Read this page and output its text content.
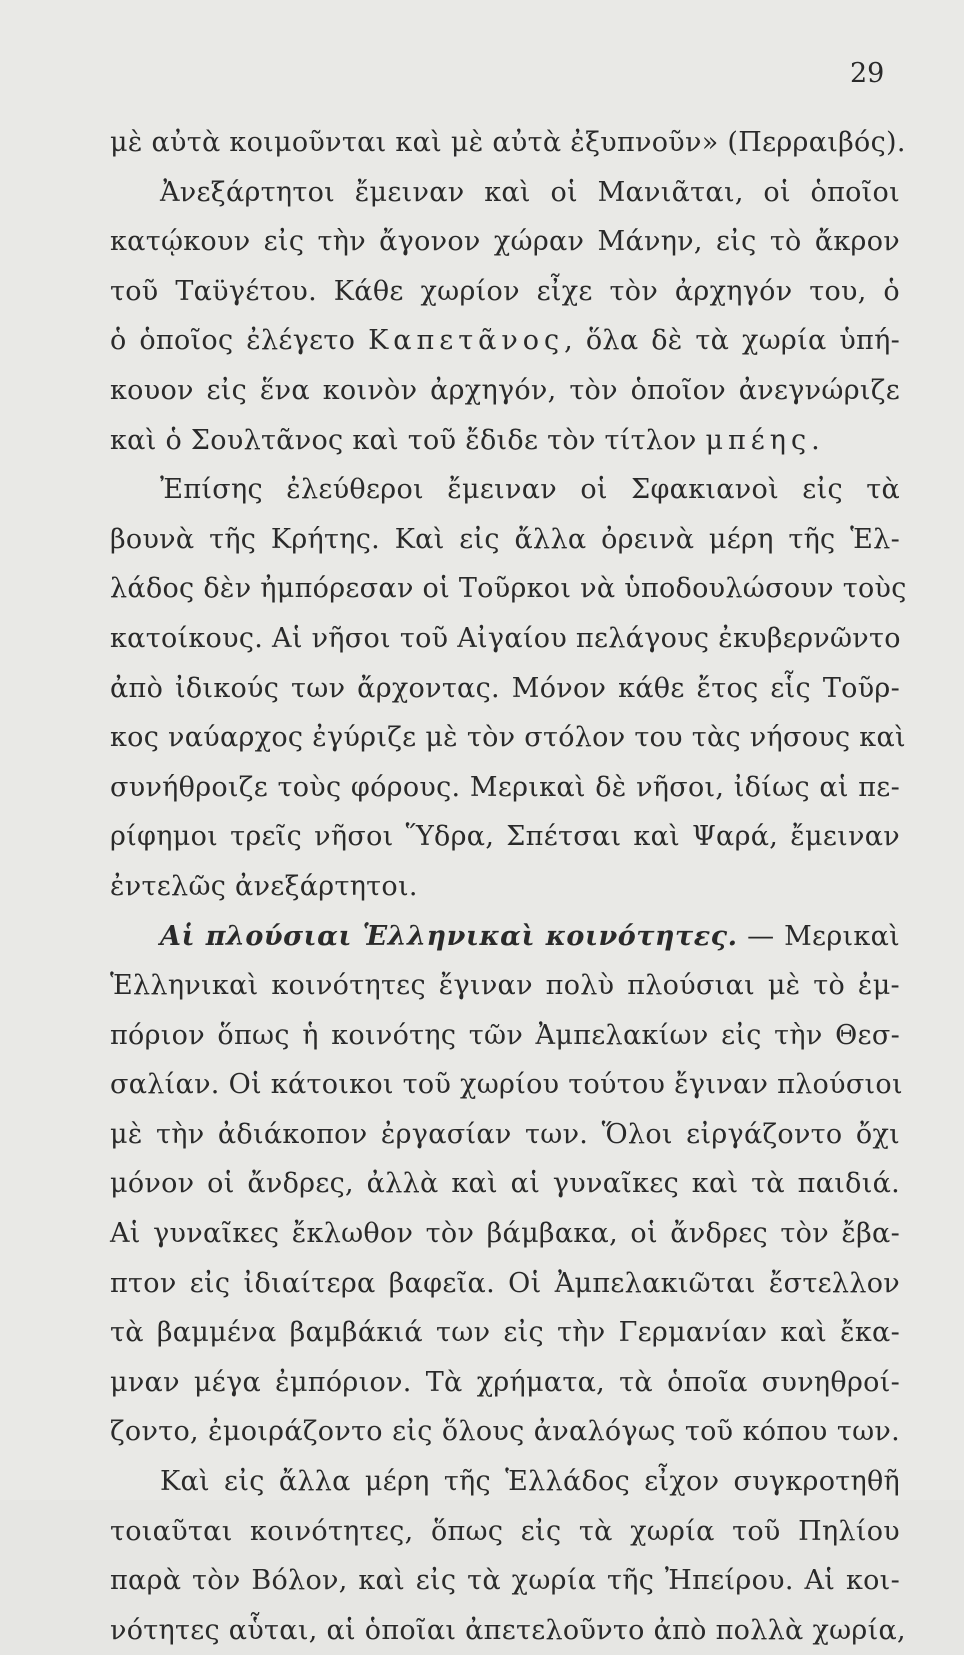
29
μὲ αὐτὰ κοιμοῦνται καὶ μὲ αὐτὰ ἐξυπνοῦν» (Περραιβός).
Ἀνεξάρτητοι ἔμειναν καὶ οἱ Μανιᾶται, οἱ ὁποῖοι
κατῴκουν εἰς τὴν ἄγονον χώραν Μάνην, εἰς τὸ ἄκρον
τοῦ Ταϋγέτου. Κάθε χωρίον εἶχε τὸν ἀρχηγόν του, ὁ
ὁ ὁποῖος ἐλέγετο Καπετᾶνος, ὅλα δὲ τὰ χωρία ὑπή-
κουον εἰς ἕνα κοινὸν ἀρχηγόν, τὸν ὁποῖον ἀνεγνώριζε
καὶ ὁ Σουλτᾶνος καὶ τοῦ ἔδιδε τὸν τίτλον μπέης.
Ἐπίσης ἐλεύθεροι ἔμειναν οἱ Σφακιανοὶ εἰς τὰ
βουνὰ τῆς Κρήτης. Καὶ εἰς ἄλλα ὀρεινὰ μέρη τῆς Ἑλ-
λάδος δὲν ἠμπόρεσαν οἱ Τοῦρκοι νὰ ὑποδουλώσουν τοὺς
κατοίκους. Αἱ νῆσοι τοῦ Αἰγαίου πελάγους ἐκυβερνῶντο
ἀπὸ ἰδικούς των ἄρχοντας. Μόνον κάθε ἔτος εἷς Τοῦρ-
κος ναύαρχος ἐγύριζε μὲ τὸν στόλον του τὰς νήσους καὶ
συνήθροιζε τοὺς φόρους. Μερικαὶ δὲ νῆσοι, ἰδίως αἱ πε-
ρίφημοι τρεῖς νῆσοι Ὕδρα, Σπέτσαι καὶ Ψαρά, ἔμειναν
ἐντελῶς ἀνεξάρτητοι.
Αἱ πλούσιαι Ἑλληνικαὶ κοινότητες. — Μερικαὶ
Ἑλληνικαὶ κοινότητες ἔγιναν πολὺ πλούσιαι μὲ τὸ ἐμ-
πόριον ὅπως ἡ κοινότης τῶν Ἀμπελακίων εἰς τὴν Θεσ-
σαλίαν. Οἱ κάτοικοι τοῦ χωρίου τούτου ἔγιναν πλούσιοι
μὲ τὴν ἀδιάκοπον ἐργασίαν των. Ὅλοι εἰργάζοντο ὄχι
μόνον οἱ ἄνδρες, ἀλλὰ καὶ αἱ γυναῖκες καὶ τὰ παιδιά.
Αἱ γυναῖκες ἔκλωθον τὸν βάμβακα, οἱ ἄνδρες τὸν ἔβα-
πτον εἰς ἰδιαίτερα βαφεῖα. Οἱ Ἀμπελακιῶται ἔστελλον
τὰ βαμμένα βαμβάκιά των εἰς τὴν Γερμανίαν καὶ ἔκα-
μναν μέγα ἐμπόριον. Τὰ χρήματα, τὰ ὁποῖα συνηθροί-
ζοντο, ἐμοιράζοντο εἰς ὅλους ἀναλόγως τοῦ κόπου των.
Καὶ εἰς ἄλλα μέρη τῆς Ἑλλάδος εἶχον συγκροτηθῆ
τοιαῦται κοινότητες, ὅπως εἰς τὰ χωρία τοῦ Πηλίου
παρὰ τὸν Βόλον, καὶ εἰς τὰ χωρία τῆς Ἠπείρου. Αἱ κοι-
νότητες αὗται, αἱ ὁποῖαι ἀπετελοῦντο ἀπὸ πολλὰ χωρία,
